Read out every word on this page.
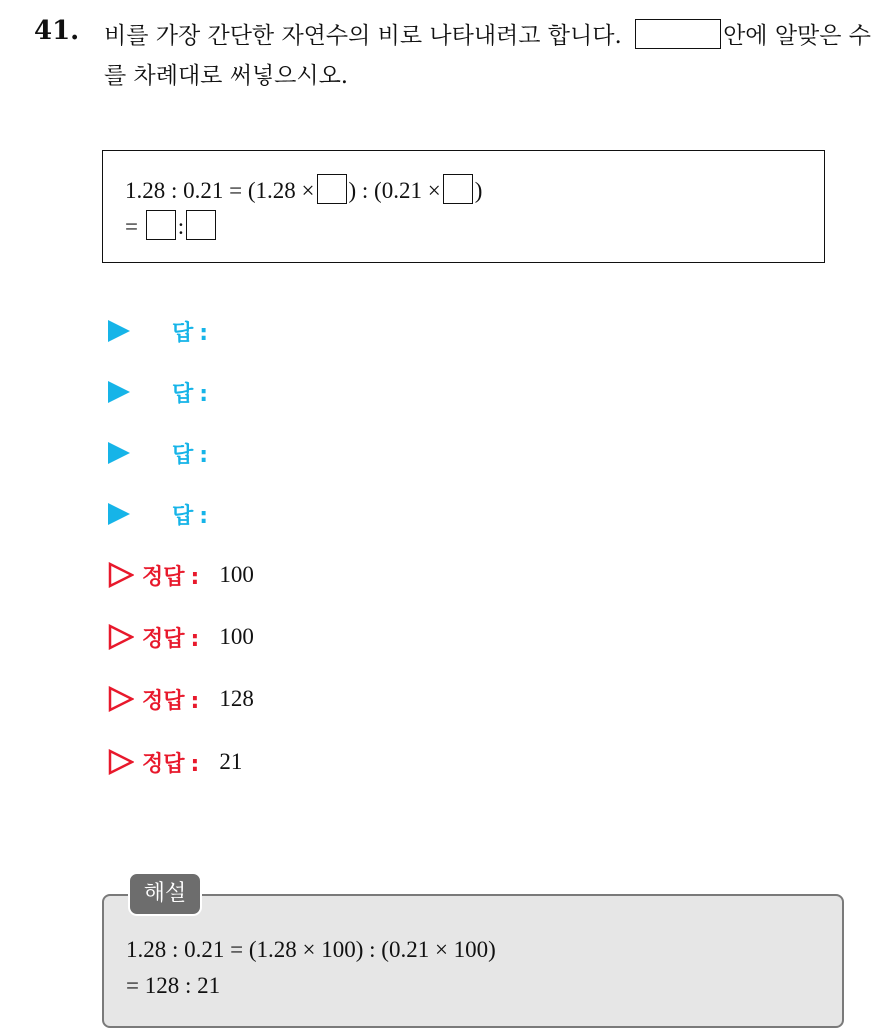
41. 비를 가장 간단한 자연수의 비로 나타내려고 합니다.	안에 알맞은 수를 차례대로 써넣으시오.
1.28 : 0.21 = (1.28 × ) : (0.21 × )
= :
답 :
답 :
답 :
답 :
정답 : 100
정답 : 100
정답 : 128
정답 : 21
1.28 : 0.21 = (1.28 × 100) : (0.21 × 100)
= 128 : 21
해설
